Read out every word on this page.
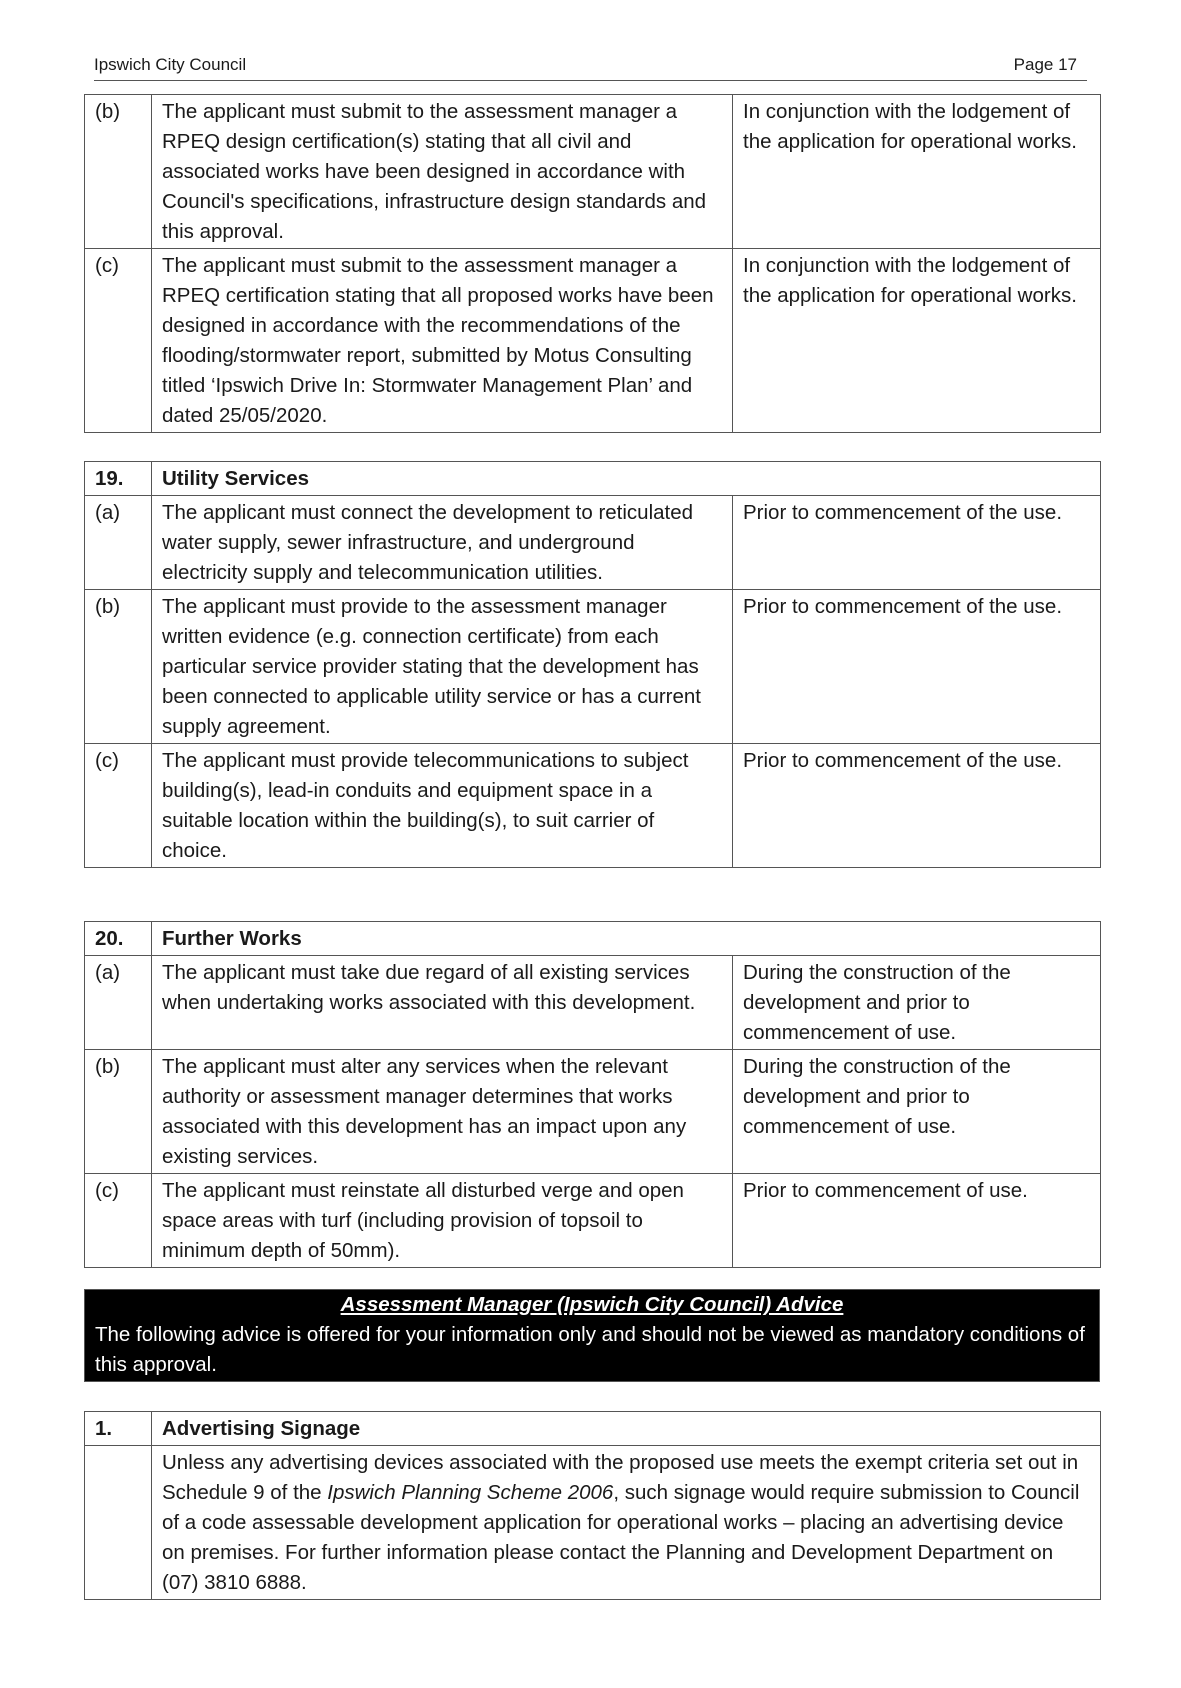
Ipswich City Council	Page 17
(b)	The applicant must submit to the assessment manager a RPEQ design certification(s) stating that all civil and associated works have been designed in accordance with Council's specifications, infrastructure design standards and this approval.	In conjunction with the lodgement of the application for operational works.
(c)	The applicant must submit to the assessment manager a RPEQ certification stating that all proposed works have been designed in accordance with the recommendations of the flooding/stormwater report, submitted by Motus Consulting titled ‘Ipswich Drive In: Stormwater Management Plan’ and dated 25/05/2020.	In conjunction with the lodgement of the application for operational works.
19.	Utility Services	
(a)	The applicant must connect the development to reticulated water supply, sewer infrastructure, and underground electricity supply and telecommunication utilities.	Prior to commencement of the use.
(b)	The applicant must provide to the assessment manager written evidence (e.g. connection certificate) from each particular service provider stating that the development has been connected to applicable utility service or has a current supply agreement.	Prior to commencement of the use.
(c)	The applicant must provide telecommunications to subject building(s), lead-in conduits and equipment space in a suitable location within the building(s), to suit carrier of choice.	Prior to commencement of the use.
20.	Further Works	
(a)	The applicant must take due regard of all existing services when undertaking works associated with this development.	During the construction of the development and prior to commencement of use.
(b)	The applicant must alter any services when the relevant authority or assessment manager determines that works associated with this development has an impact upon any existing services.	During the construction of the development and prior to commencement of use.
(c)	The applicant must reinstate all disturbed verge and open space areas with turf (including provision of topsoil to minimum depth of 50mm).	Prior to commencement of use.
Assessment Manager (Ipswich City Council) Advice
The following advice is offered for your information only and should not be viewed as mandatory conditions of this approval.
1.	Advertising Signage
	Unless any advertising devices associated with the proposed use meets the exempt criteria set out in Schedule 9 of the Ipswich Planning Scheme 2006, such signage would require submission to Council of a code assessable development application for operational works – placing an advertising device on premises. For further information please contact the Planning and Development Department on (07) 3810 6888.
